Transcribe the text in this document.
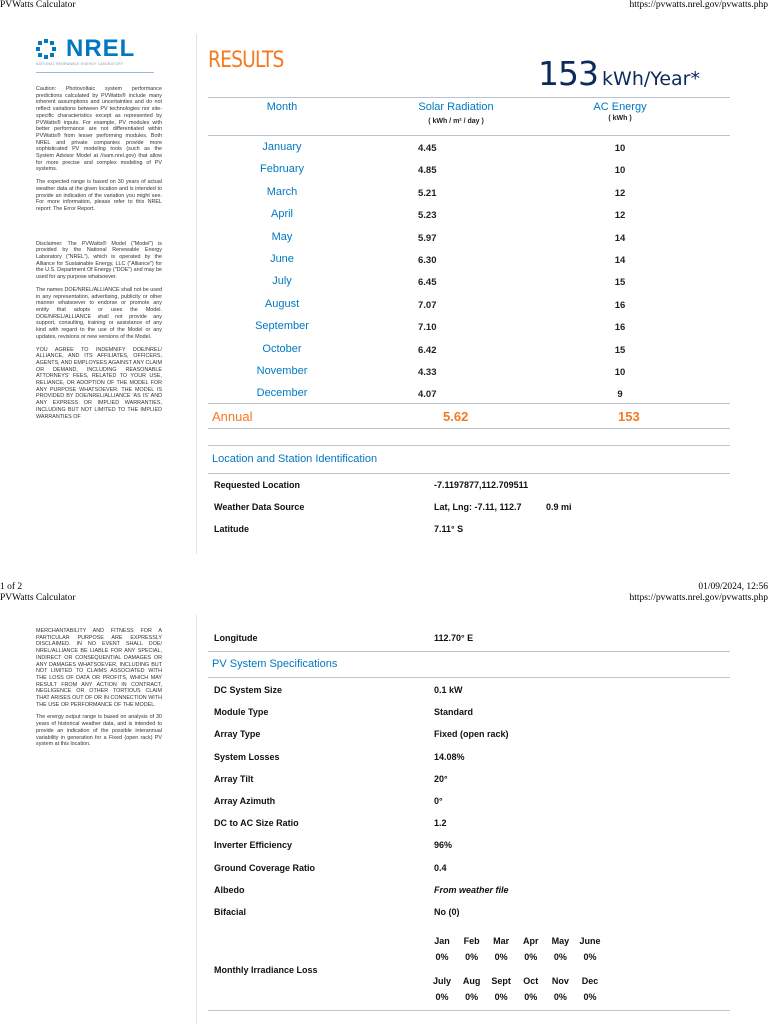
PVWatts Calculator	https://pvwatts.nrel.gov/pvwatts.php
NREL
NATIONAL RENEWABLE ENERGY LABORATORY

Caution: Photovoltaic system performance predictions calculated by PVWatts® include many inherent assumptions and uncertainties and do not reflect variations between PV technologies nor site-specific characteristics except as represented by PVWatts® inputs. For example, PV modules with better performance are not differentiated within PVWatts® from lesser performing modules. Both NREL and private companies provide more sophisticated PV modeling tools (such as the System Advisor Model at //sam.nrel.gov) that allow for more precise and complex modeling of PV systems.

The expected range is based on 30 years of actual weather data at the given location and is intended to provide an indication of the variation you might see. For more information, please refer to this NREL report: The Error Report.

Disclaimer: The PVWatts® Model ("Model") is provided by the National Renewable Energy Laboratory ("NREL"), which is operated by the Alliance for Sustainable Energy, LLC ("Alliance") for the U.S. Department Of Energy ("DOE") and may be used for any purpose whatsoever.

The names DOE/NREL/ALLIANCE shall not be used in any representation, advertising, publicity or other manner whatsoever to endorse or promote any entity that adopts or uses the Model. DOE/NREL/ALLIANCE shall not provide any support, consulting, training or assistance of any kind with regard to the use of the Model or any updates, revisions or new versions of the Model.

YOU AGREE TO INDEMNIFY DOE/NREL/ ALLIANCE, AND ITS AFFILIATES, OFFICERS, AGENTS, AND EMPLOYEES AGAINST ANY CLAIM OR DEMAND, INCLUDING REASONABLE ATTORNEYS' FEES, RELATED TO YOUR USE, RELIANCE, OR ADOPTION OF THE MODEL FOR ANY PURPOSE WHATSOEVER. THE MODEL IS PROVIDED BY DOE/NREL/ALLIANCE 'AS IS' AND ANY EXPRESS OR IMPLIED WARRANTIES, INCLUDING BUT NOT LIMITED TO THE IMPLIED WARRANTIES OF

RESULTS	153 kWh/Year*
Month	Solar Radiation
( kWh / m² / day )
AC Energy
( kWh )
January	4.45	10
February	4.85	10
March	5.21	12
April	5.23	12
May	5.97	14
June	6.30	14
July	6.45	15
August	7.07	16
September	7.10	16
October	6.42	15
November	4.33	10
December	4.07	9
Annual	5.62	153
Location and Station Identification
Requested Location	-7.1197877,112.709511
Weather Data Source	Lat, Lng: -7.11, 112.7	0.9 mi
Latitude	7.11° S
1 of 2	01/09/2024, 12:56
PVWatts Calculator	https://pvwatts.nrel.gov/pvwatts.php

MERCHANTABILITY AND FITNESS FOR A PARTICULAR PURPOSE ARE EXPRESSLY DISCLAIMED. IN NO EVENT SHALL DOE/ NREL/ALLIANCE BE LIABLE FOR ANY SPECIAL, INDIRECT OR CONSEQUENTIAL DAMAGES OR ANY DAMAGES WHATSOEVER, INCLUDING BUT NOT LIMITED TO CLAIMS ASSOCIATED WITH THE LOSS OF DATA OR PROFITS, WHICH MAY RESULT FROM ANY ACTION IN CONTRACT, NEGLIGENCE OR OTHER TORTIOUS CLAIM THAT ARISES OUT OF OR IN CONNECTION WITH THE USE OR PERFORMANCE OF THE MODEL.

The energy output range is based on analysis of 30 years of historical weather data, and is intended to provide an indication of the possible interannual variability in generation for a Fixed (open rack) PV system at this location.

Longitude	112.70° E
PV System Specifications
DC System Size	0.1 kW
Module Type	Standard
Array Type	Fixed (open rack)
System Losses	14.08%
Array Tilt	20°
Array Azimuth	0°
DC to AC Size Ratio	1.2
Inverter Efficiency	96%
Ground Coverage Ratio	0.4
Albedo	From weather file
Bifacial	No (0)
Monthly Irradiance Loss
Jan	Feb	Mar	Apr	May	June
0%	0%	0%	0%	0%	0%
July	Aug	Sept	Oct	Nov	Dec
0%	0%	0%	0%	0%	0%
